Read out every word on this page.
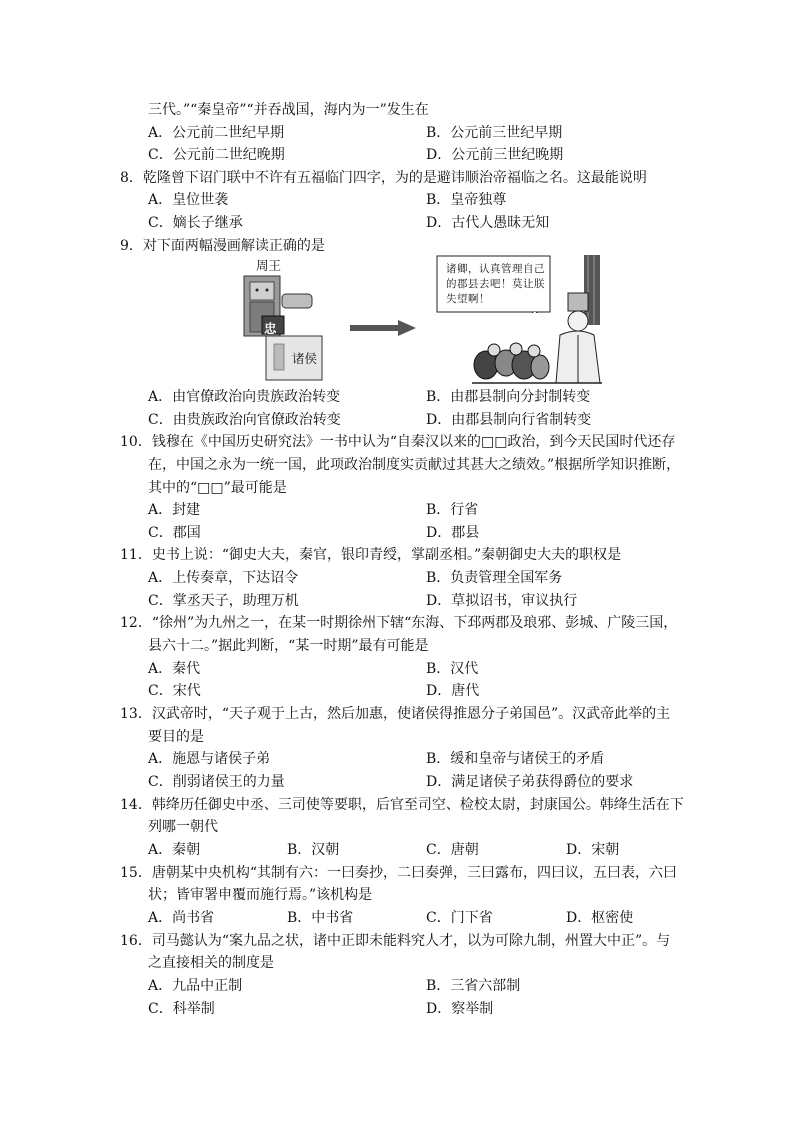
三代。”“秦皇帝”“并吞战国，海内为一”发生在
A．公元前二世纪早期	B．公元前三世纪早期
C．公元前二世纪晚期	D．公元前三世纪晚期
8．乾隆曾下诏门联中不许有五福临门四字，为的是避讳顺治帝福临之名。这最能说明
A．皇位世袭	B．皇帝独尊
C．嫡长子继承	D．古代人愚昧无知
9．对下面两幅漫画解读正确的是
周王
忠
诸侯
诸卿，认真管理自己的郡县去吧！莫让朕失望啊！
A．由官僚政治向贵族政治转变	B．由郡县制向分封制转变
C．由贵族政治向官僚政治转变	D．由郡县制向行省制转变
10．钱穆在《中国历史研究法》一书中认为“自秦汉以来的□□政治，到今天民国时代还存
在，中国之永为一统一国，此项政治制度实贡献过其甚大之绩效。”根据所学知识推断，
其中的“□□”最可能是
A．封建	B．行省
C．郡国	D．郡县
11．史书上说：“御史大夫，秦官，银印青绶，掌副丞相。”秦朝御史大夫的职权是
A．上传奏章，下达诏令	B．负责管理全国军务
C．掌丞天子，助理万机	D．草拟诏书，审议执行
12．“徐州”为九州之一，在某一时期徐州下辖“东海、下邳两郡及琅邪、彭城、广陵三国，
县六十二。”据此判断，“某一时期”最有可能是
A．秦代	B．汉代
C．宋代	D．唐代
13．汉武帝时，“天子观于上古，然后加惠，使诸侯得推恩分子弟国邑”。汉武帝此举的主
要目的是
A．施恩与诸侯子弟	B．缓和皇帝与诸侯王的矛盾
C．削弱诸侯王的力量	D．满足诸侯子弟获得爵位的要求
14．韩绛历任御史中丞、三司使等要职，后官至司空、检校太尉，封康国公。韩绛生活在下
列哪一朝代
A．秦朝	B．汉朝	C．唐朝	D．宋朝
15．唐朝某中央机构“其制有六：一曰奏抄，二曰奏弹，三曰露布，四曰议，五曰表，六曰
状；皆审署申覆而施行焉。”该机构是
A．尚书省	B．中书省	C．门下省	D．枢密使
16．司马懿认为“案九品之状，诸中正即未能料究人才，以为可除九制，州置大中正”。与
之直接相关的制度是
A．九品中正制	B．三省六部制
C．科举制	D．察举制
